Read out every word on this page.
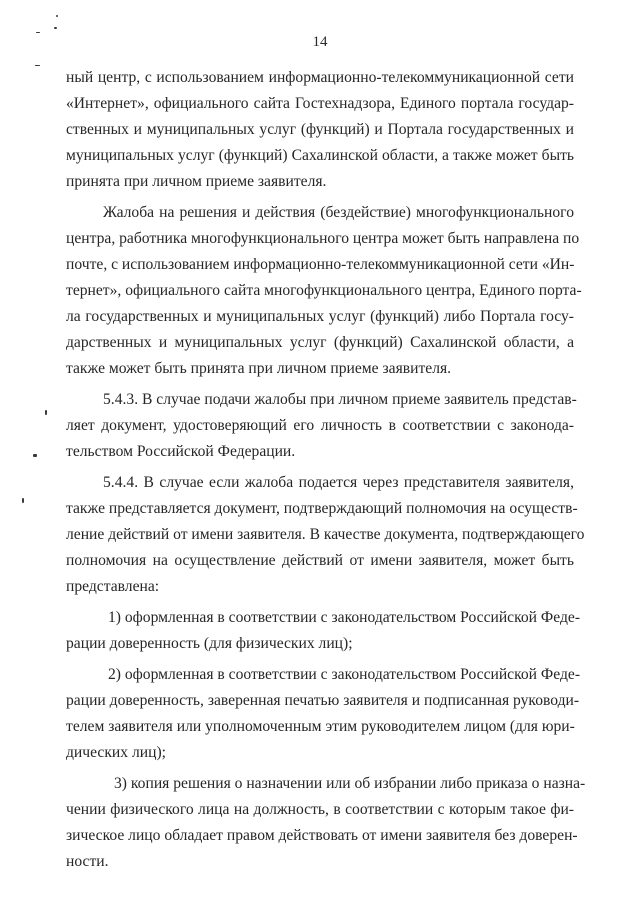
14
ный центр, с использованием информационно-телекоммуникационной сети
«Интернет», официального сайта Гостехнадзора, Единого портала государ-
ственных и муниципальных услуг (функций) и Портала государственных и
муниципальных услуг (функций) Сахалинской области, а также может быть
принята при личном приеме заявителя.
Жалоба на решения и действия (бездействие) многофункционального
центра, работника многофункционального центра может быть направлена по
почте, с использованием информационно-телекоммуникационной сети «Ин-
тернет», официального сайта многофункционального центра, Единого порта-
ла государственных и муниципальных услуг (функций) либо Портала госу-
дарственных и муниципальных услуг (функций) Сахалинской области, а
также может быть принята при личном приеме заявителя.
5.4.3. В случае подачи жалобы при личном приеме заявитель представ-
ляет документ, удостоверяющий его личность в соответствии с законода-
тельством Российской Федерации.
5.4.4. В случае если жалоба подается через представителя заявителя,
также представляется документ, подтверждающий полномочия на осуществ-
ление действий от имени заявителя. В качестве документа, подтверждающего
полномочия на осуществление действий от имени заявителя, может быть
представлена:
1) оформленная в соответствии с законодательством Российской Феде-
рации доверенность (для физических лиц);
2) оформленная в соответствии с законодательством Российской Феде-
рации доверенность, заверенная печатью заявителя и подписанная руководи-
телем заявителя или уполномоченным этим руководителем лицом (для юри-
дических лиц);
3) копия решения о назначении или об избрании либо приказа о назна-
чении физического лица на должность, в соответствии с которым такое фи-
зическое лицо обладает правом действовать от имени заявителя без доверен-
ности.
